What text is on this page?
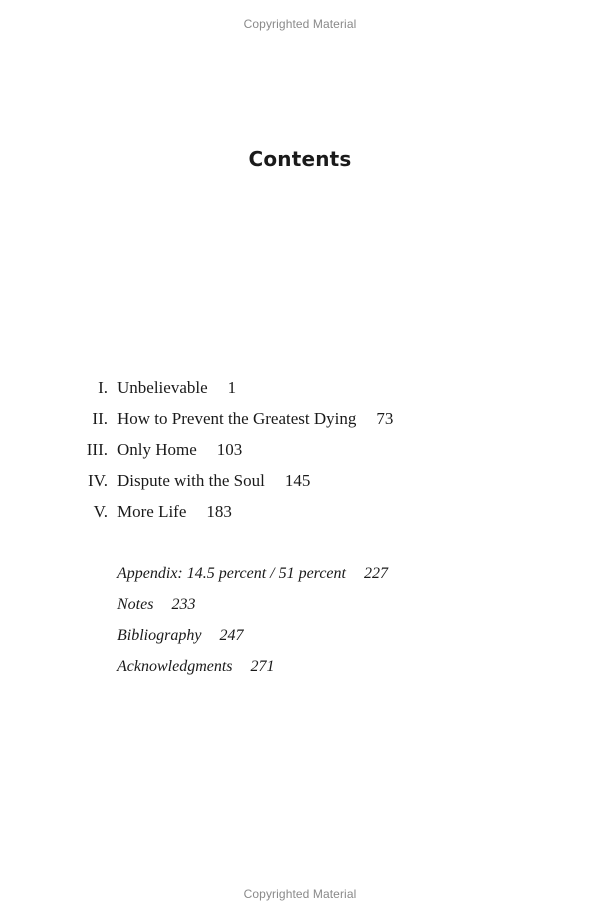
Copyrighted Material
Contents
I. Unbelievable 1
II. How to Prevent the Greatest Dying 73
III. Only Home 103
IV. Dispute with the Soul 145
V. More Life 183
Appendix: 14.5 percent / 51 percent 227
Notes 233
Bibliography 247
Acknowledgments 271
Copyrighted Material
